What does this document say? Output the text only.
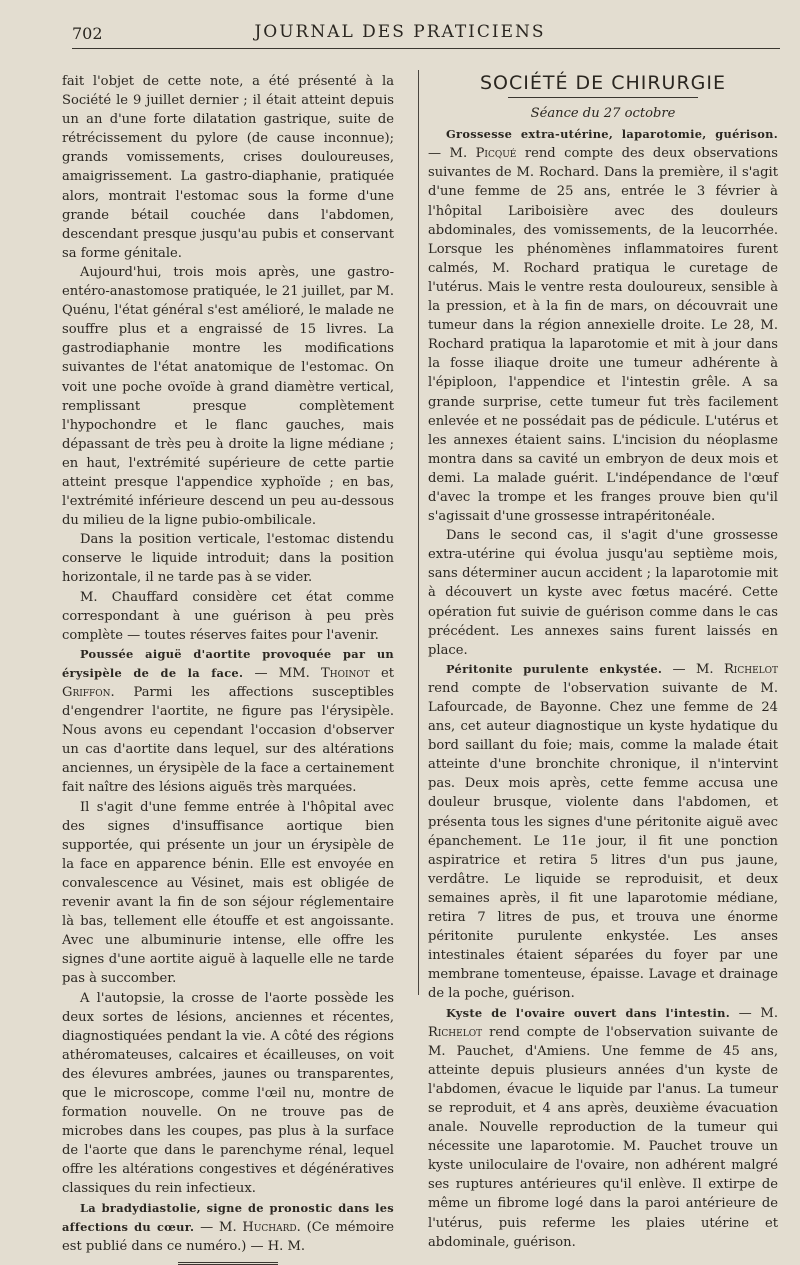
702	JOURNAL DES PRATICIENS

fait l'objet de cette note, a été présenté à la Société le 9 juillet dernier ; il était atteint depuis un an d'une forte dilatation gastrique, suite de rétrécissement du pylore (de cause inconnue); grands vomissements, crises douloureuses, amaigrissement. La gastro-diaphanie, pratiquée alors, montrait l'estomac sous la forme d'une grande bétail couchée dans l'abdomen, descendant presque jusqu'au pubis et conservant sa forme génitale.

Aujourd'hui, trois mois après, une gastro-entéro-anastomose pratiquée, le 21 juillet, par M. Quénu, l'état général s'est amélioré, le malade ne souffre plus et a engraissé de 15 livres. La gastrodiaphanie montre les modifications suivantes de l'état anatomique de l'estomac. On voit une poche ovoïde à grand diamètre vertical, remplissant presque complètement l'hypochondre et le flanc gauches, mais dépassant de très peu à droite la ligne médiane ; en haut, l'extrémité supérieure de cette partie atteint presque l'appendice xyphoïde ; en bas, l'extrémité inférieure descend un peu au-dessous du milieu de la ligne pubio-ombilicale.

Dans la position verticale, l'estomac distendu conserve le liquide introduit; dans la position horizontale, il ne tarde pas à se vider.

M. Chauffard considère cet état comme correspondant à une guérison à peu près complète — toutes réserves faites pour l'avenir.

Poussée aiguë d'aortite provoquée par un érysipèle de de la face. — MM. Thoinot et Griffon. Parmi les affections susceptibles d'engendrer l'aortite, ne figure pas l'érysipèle. Nous avons eu cependant l'occasion d'observer un cas d'aortite dans lequel, sur des altérations anciennes, un érysipèle de la face a certainement fait naître des lésions aiguës très marquées.

Il s'agit d'une femme entrée à l'hôpital avec des signes d'insuffisance aortique bien supportée, qui présente un jour un érysipèle de la face en apparence bénin. Elle est envoyée en convalescence au Vésinet, mais est obligée de revenir avant la fin de son séjour réglementaire là bas, tellement elle étouffe et est angoissante. Avec une albuminurie intense, elle offre les signes d'une aortite aiguë à laquelle elle ne tarde pas à succomber.

A l'autopsie, la crosse de l'aorte possède les deux sortes de lésions, anciennes et récentes, diagnostiquées pendant la vie. A côté des régions athéromateuses, calcaires et écailleuses, on voit des élevures ambrées, jaunes ou transparentes, que le microscope, comme l'œil nu, montre de formation nouvelle. On ne trouve pas de microbes dans les coupes, pas plus à la surface de l'aorte que dans le parenchyme rénal, lequel offre les altérations congestives et dégénératives classiques du rein infectieux.

La bradydiastolie, signe de pronostic dans les affections du cœur. — M. Huchard. (Ce mémoire est publié dans ce numéro.) — H. M.

SOCIÉTÉ DE CHIRURGIE
Séance du 27 octobre

Grossesse extra-utérine, laparotomie, guérison. — M. Picqué rend compte des deux observations suivantes de M. Rochard. Dans la première, il s'agit d'une femme de 25 ans, entrée le 3 février à l'hôpital Lariboisière avec des douleurs abdominales, des vomissements, de la leucorrhée. Lorsque les phénomènes inflammatoires furent calmés, M. Rochard pratiqua le curetage de l'utérus. Mais le ventre resta douloureux, sensible à la pression, et à la fin de mars, on découvrait une tumeur dans la région annexielle droite. Le 28, M. Rochard pratiqua la laparotomie et mit à jour dans la fosse iliaque droite une tumeur adhérente à l'épiploon, l'appendice et l'intestin grêle. A sa grande surprise, cette tumeur fut très facilement enlevée et ne possédait pas de pédicule. L'utérus et les annexes étaient sains. L'incision du néoplasme montra dans sa cavité un embryon de deux mois et demi. La malade guérit. L'indépendance de l'œuf d'avec la trompe et les franges prouve bien qu'il s'agissait d'une grossesse intrapéritonéale.

Dans le second cas, il s'agit d'une grossesse extra-utérine qui évolua jusqu'au septième mois, sans déterminer aucun accident ; la laparotomie mit à découvert un kyste avec fœtus macéré. Cette opération fut suivie de guérison comme dans le cas précédent. Les annexes sains furent laissés en place.

Péritonite purulente enkystée. — M. Richelot rend compte de l'observation suivante de M. Lafourcade, de Bayonne. Chez une femme de 24 ans, cet auteur diagnostique un kyste hydatique du bord saillant du foie; mais, comme la malade était atteinte d'une bronchite chronique, il n'intervint pas. Deux mois après, cette femme accusa une douleur brusque, violente dans l'abdomen, et présenta tous les signes d'une péritonite aiguë avec épanchement. Le 11e jour, il fit une ponction aspiratrice et retira 5 litres d'un pus jaune, verdâtre. Le liquide se reproduisit, et deux semaines après, il fit une laparotomie médiane, retira 7 litres de pus, et trouva une énorme péritonite purulente enkystée. Les anses intestinales étaient séparées du foyer par une membrane tomenteuse, épaisse. Lavage et drainage de la poche, guérison.

Kyste de l'ovaire ouvert dans l'intestin. — M. Richelot rend compte de l'observation suivante de M. Pauchet, d'Amiens. Une femme de 45 ans, atteinte depuis plusieurs années d'un kyste de l'abdomen, évacue le liquide par l'anus. La tumeur se reproduit, et 4 ans après, deuxième évacuation anale. Nouvelle reproduction de la tumeur qui nécessite une laparotomie. M. Pauchet trouve un kyste uniloculaire de l'ovaire, non adhérent malgré ses ruptures antérieures qu'il enlève. Il extirpe de même un fibrome logé dans la paroi antérieure de l'utérus, puis referme les plaies utérine et abdominale, guérison.
